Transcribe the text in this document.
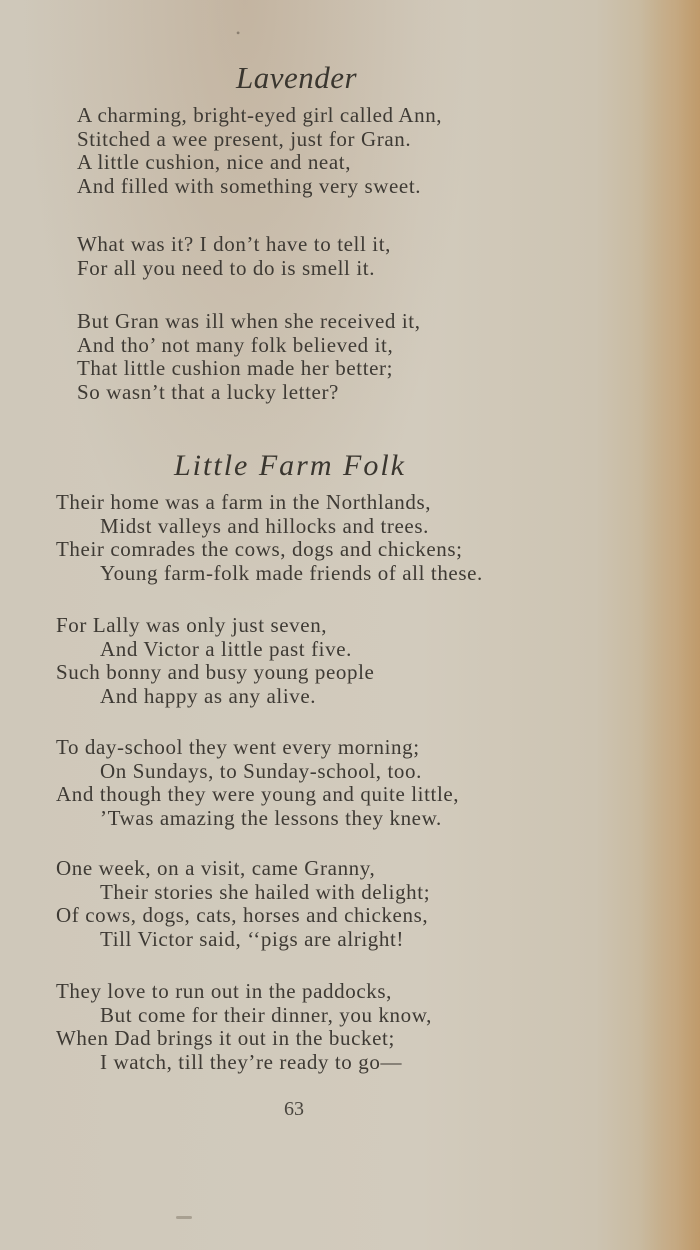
•
Lavender
A charming, bright-eyed girl called Ann,
Stitched a wee present, just for Gran.
A little cushion, nice and neat,
And filled with something very sweet.
What was it? I don’t have to tell it,
For all you need to do is smell it.
But Gran was ill when she received it,
And tho’ not many folk believed it,
That little cushion made her better;
So wasn’t that a lucky letter?
Little Farm Folk
Their home was a farm in the Northlands,
Midst valleys and hillocks and trees.
Their comrades the cows, dogs and chickens;
Young farm-folk made friends of all these.
For Lally was only just seven,
And Victor a little past five.
Such bonny and busy young people
And happy as any alive.
To day-school they went every morning;
On Sundays, to Sunday-school, too.
And though they were young and quite little,
’Twas amazing the lessons they knew.
One week, on a visit, came Granny,
Their stories she hailed with delight;
Of cows, dogs, cats, horses and chickens,
Till Victor said, ‘‘pigs are alright!
They love to run out in the paddocks,
But come for their dinner, you know,
When Dad brings it out in the bucket;
I watch, till they’re ready to go—
63
